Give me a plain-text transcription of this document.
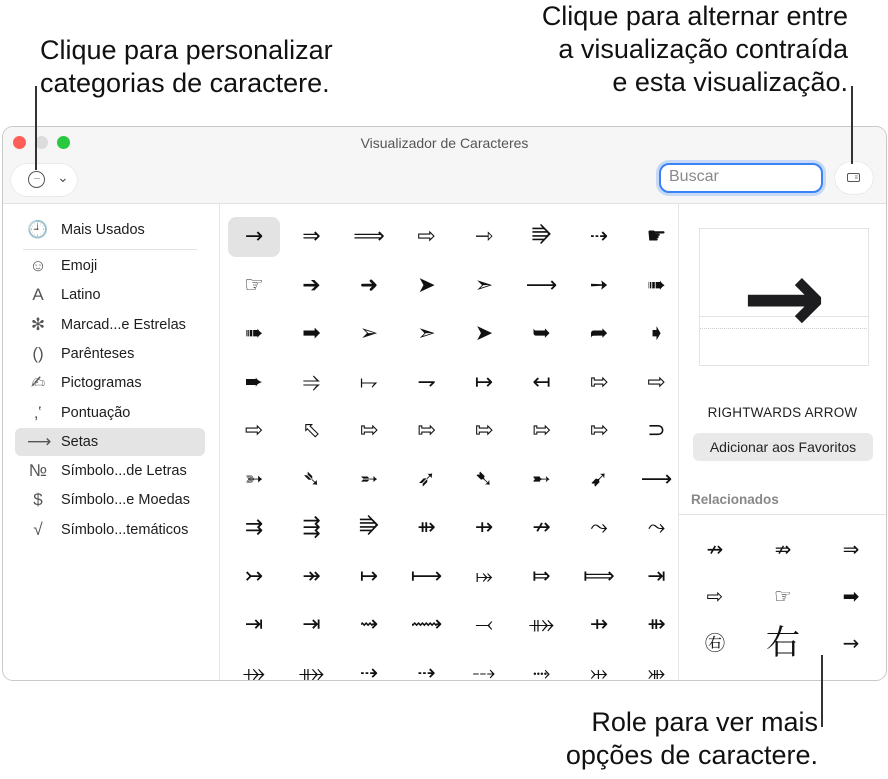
Clique para personalizar
categorias de caractere.
Clique para alternar entre
a visualização contraída
e esta visualização.
Role para ver mais
opções de caractere.
Visualizador de Caracteres
···	⌄
Buscar	≡
🕘 Mais Usados
☺ Emoji
A	Latino
✻ Marcad...e Estrelas
()	Parênteses
✍ Pictogramas
‚‛	Pontuação
⟶ Setas
№ Símbolo...de Letras
$	Símbolo...e Moedas
√	Símbolo...temáticos
→	⇒	⟹	⇨	⇾	⭆	⇢	☛
☞	➔	➜	➤	➣	⟶	➙	➠
➠	➡	➢	➣	➤	➥	➦	➧
➨	⥤	⥟	⇁	↦	↤	⇰	⇨
⇨	⬁	⇰	⇰	⇰	⇰	⇰	⊃
➳	➴	➵	➶	➷	➸	➹	⟶
⇉	⇶	⭆	⇻	⇸	↛	⤳	⤳
↣	↠	↦	⟼	⤅	⤇	⟾	⇥
⇥	⇥	⇝	⟿	⤙	⤁	⇸	⇻
⤀	⤁	⇢	⇢	⤏	⤑	⤔	⤕
→
RIGHTWARDS ARROW
Adicionar aos Favoritos
Relacionados
↛	⇏	⇒
⇨	☞	➡
㊨	右	→
